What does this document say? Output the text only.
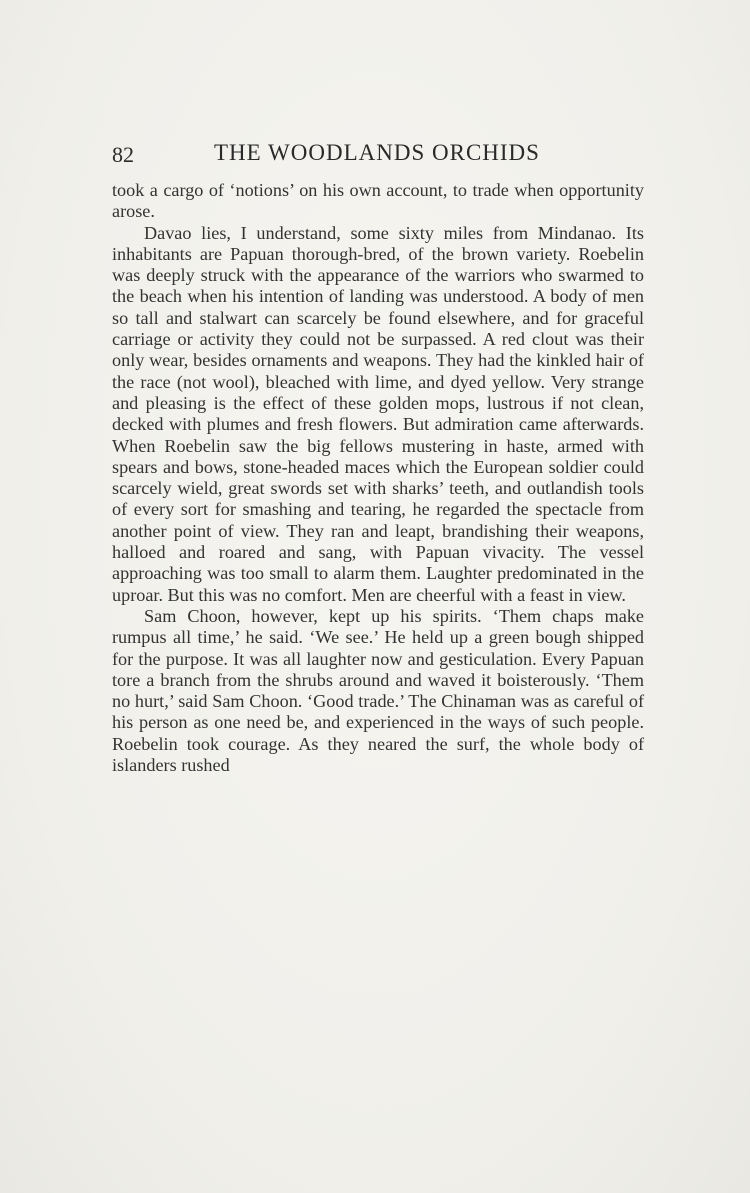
82	THE WOODLANDS ORCHIDS

took a cargo of ‘notions’ on his own account, to trade when opportunity arose.

Davao lies, I understand, some sixty miles from Mindanao. Its inhabitants are Papuan thorough-bred, of the brown variety. Roebelin was deeply struck with the appearance of the warriors who swarmed to the beach when his intention of landing was understood. A body of men so tall and stalwart can scarcely be found elsewhere, and for graceful carriage or activity they could not be surpassed. A red clout was their only wear, besides ornaments and weapons. They had the kinkled hair of the race (not wool), bleached with lime, and dyed yellow. Very strange and pleasing is the effect of these golden mops, lustrous if not clean, decked with plumes and fresh flowers. But admiration came afterwards. When Roebelin saw the big fellows mustering in haste, armed with spears and bows, stone-headed maces which the European soldier could scarcely wield, great swords set with sharks’ teeth, and outlandish tools of every sort for smashing and tearing, he regarded the spectacle from another point of view. They ran and leapt, brandishing their weapons, halloed and roared and sang, with Papuan vivacity. The vessel approaching was too small to alarm them. Laughter predominated in the uproar. But this was no comfort. Men are cheerful with a feast in view.

Sam Choon, however, kept up his spirits. ‘Them chaps make rumpus all time,’ he said. ‘We see.’ He held up a green bough shipped for the purpose. It was all laughter now and gesticulation. Every Papuan tore a branch from the shrubs around and waved it boisterously. ‘Them no hurt,’ said Sam Choon. ‘Good trade.’ The Chinaman was as careful of his person as one need be, and experienced in the ways of such people. Roebelin took courage. As they neared the surf, the whole body of islanders rushed
